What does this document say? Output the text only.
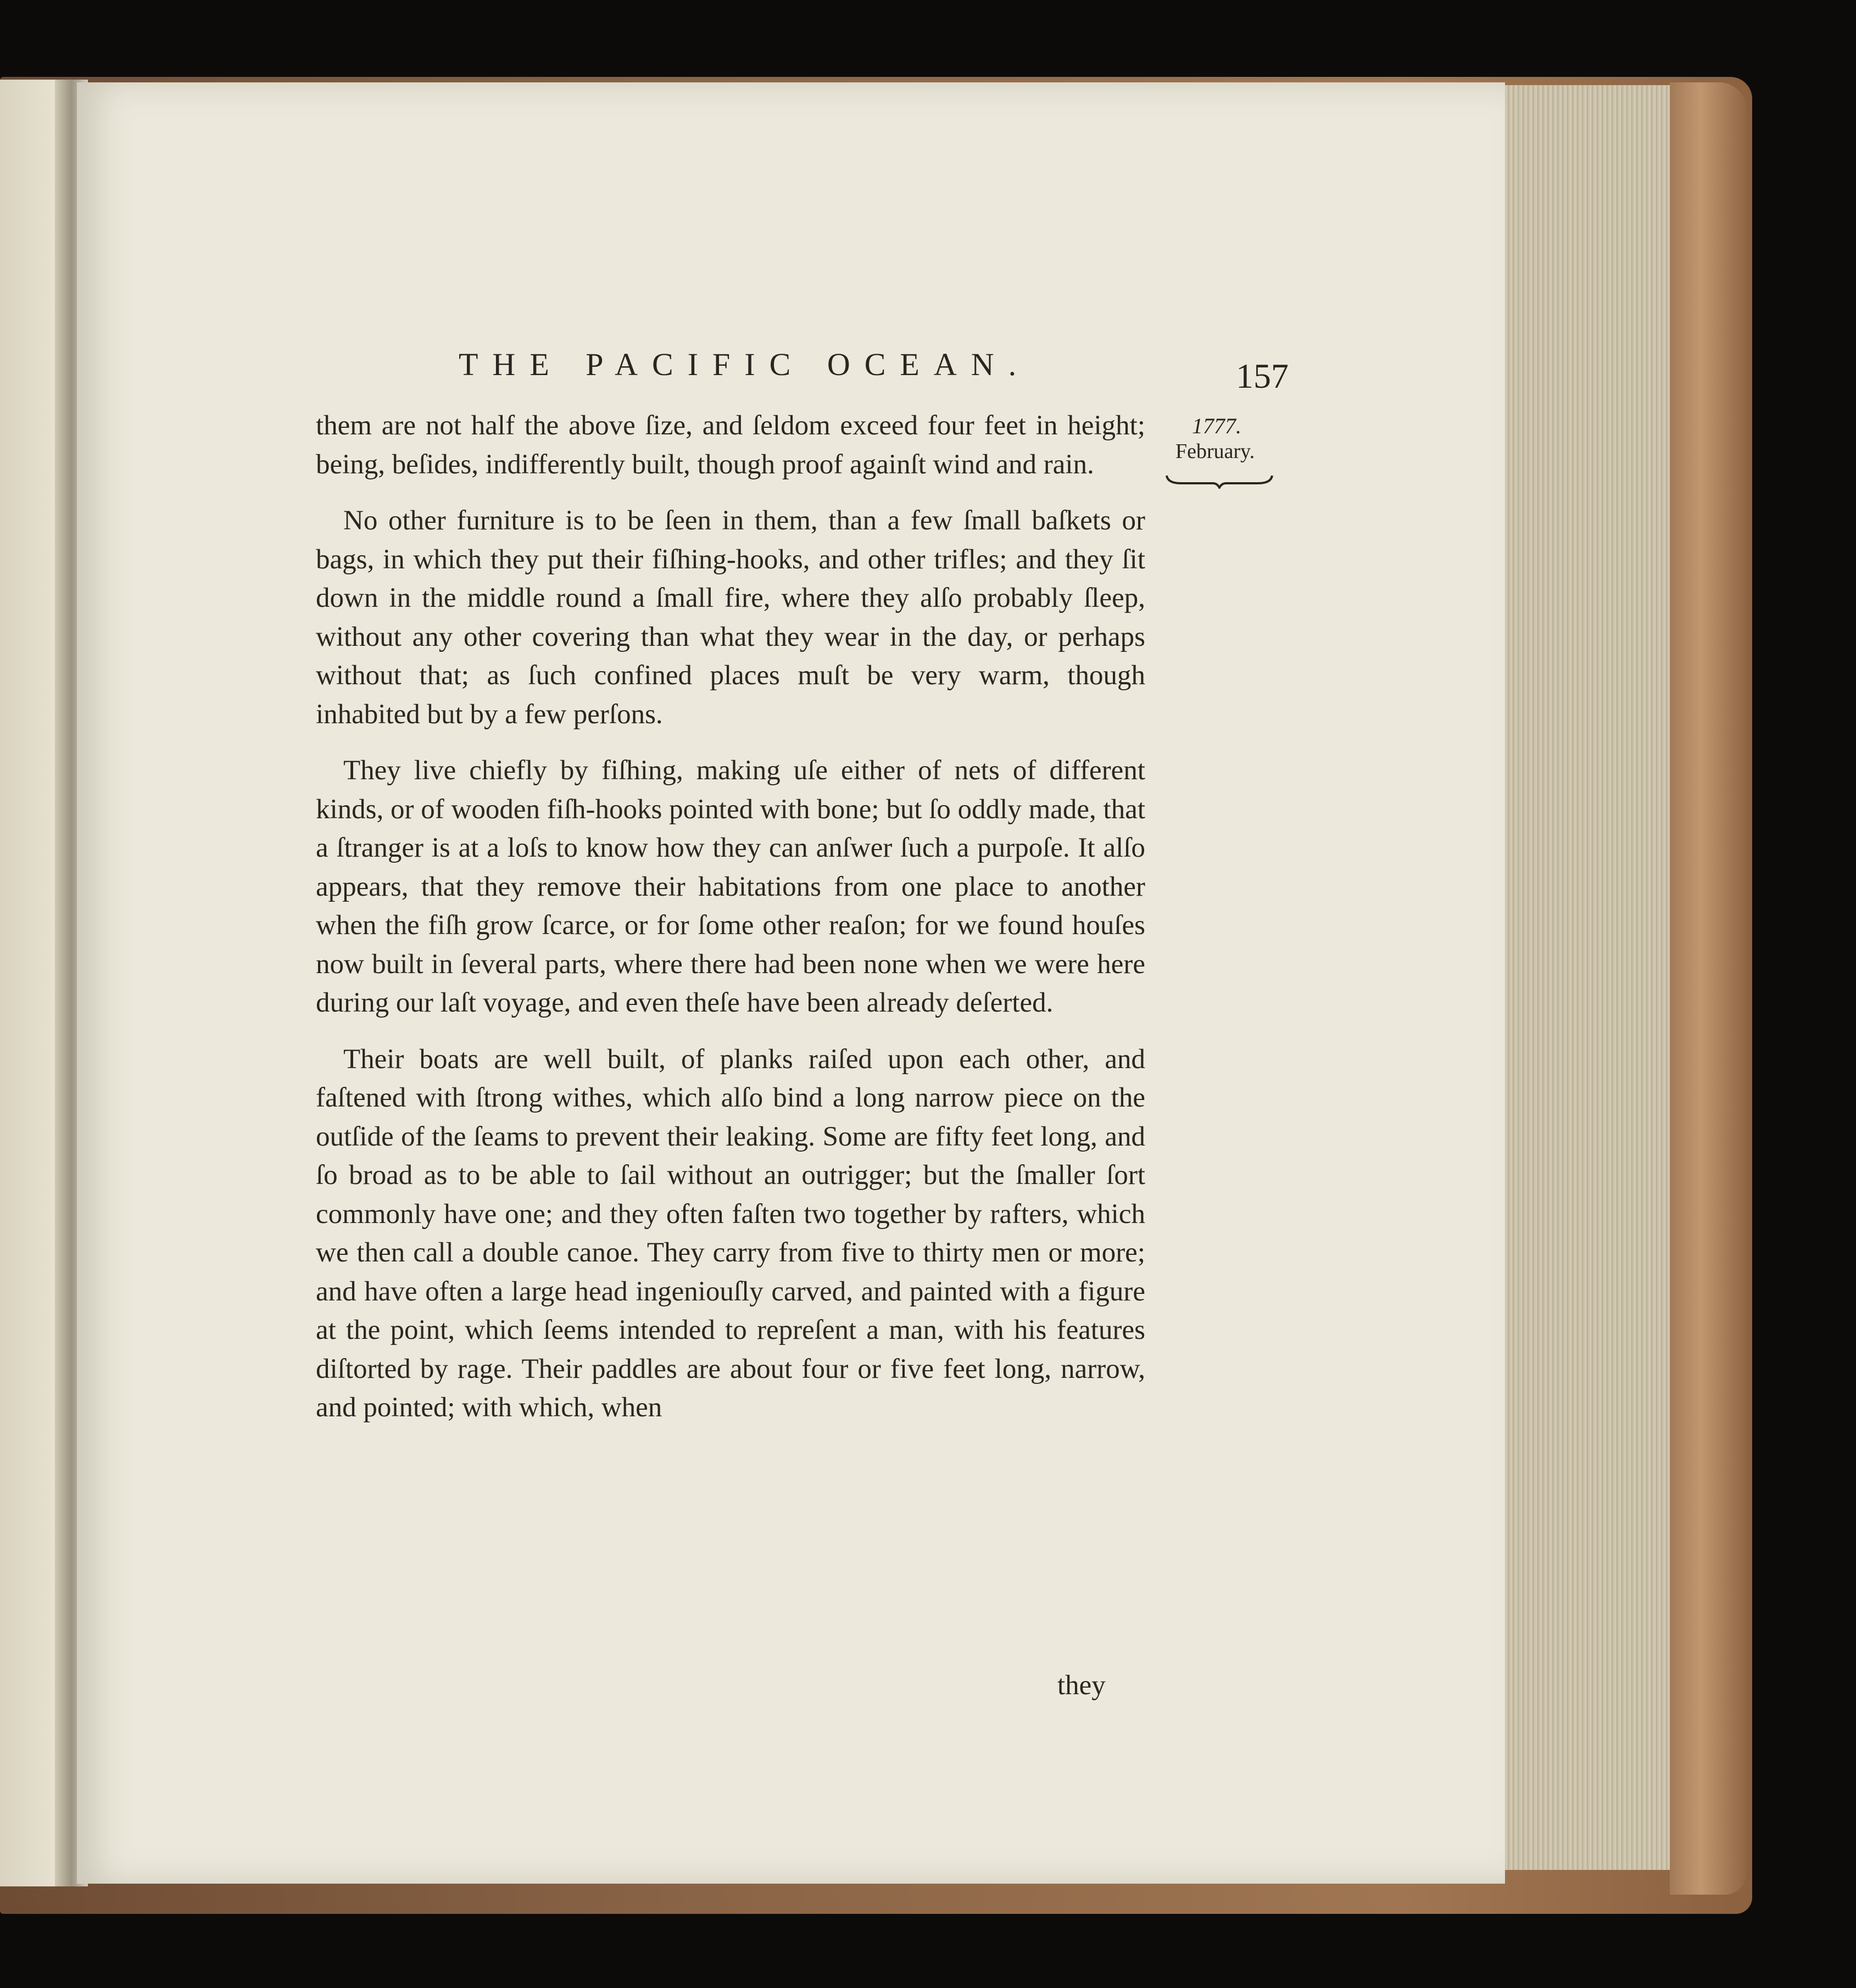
THE PACIFIC OCEAN.	157
1777.
February.

them are not half the above ſize, and ſeldom exceed four feet in height; being, beſides, indifferently built, though proof againſt wind and rain.

No other furniture is to be ſeen in them, than a few ſmall baſkets or bags, in which they put their fiſhing-hooks, and other trifles; and they ſit down in the middle round a ſmall fire, where they alſo probably ſleep, without any other covering than what they wear in the day, or perhaps without that; as ſuch confined places muſt be very warm, though inhabited but by a few perſons.

They live chiefly by fiſhing, making uſe either of nets of different kinds, or of wooden fiſh-hooks pointed with bone; but ſo oddly made, that a ſtranger is at a loſs to know how they can anſwer ſuch a purpoſe. It alſo appears, that they remove their habitations from one place to another when the fiſh grow ſcarce, or for ſome other reaſon; for we found houſes now built in ſeveral parts, where there had been none when we were here during our laſt voyage, and even theſe have been already deſerted.

Their boats are well built, of planks raiſed upon each other, and faſtened with ſtrong withes, which alſo bind a long narrow piece on the outſide of the ſeams to prevent their leaking. Some are fifty feet long, and ſo broad as to be able to ſail without an outrigger; but the ſmaller ſort commonly have one; and they often faſten two together by rafters, which we then call a double canoe. They carry from five to thirty men or more; and have often a large head ingeniouſly carved, and painted with a figure at the point, which ſeems intended to repreſent a man, with his features diſtorted by rage. Their paddles are about four or five feet long, narrow, and pointed; with which, when

they
